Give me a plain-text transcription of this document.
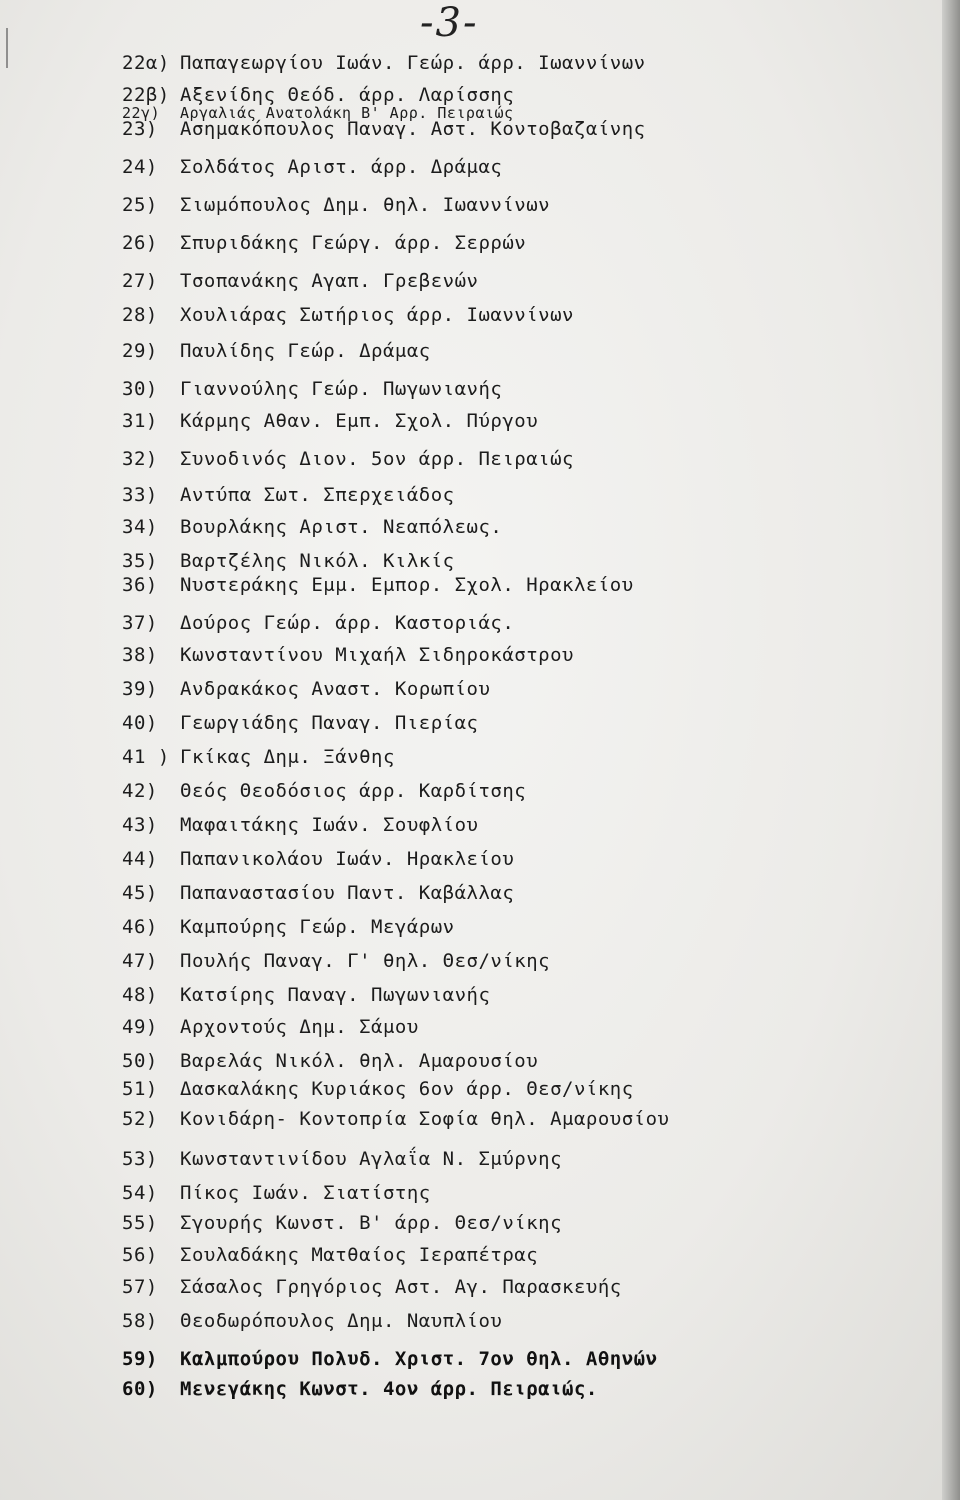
-3-
22α) Παπαγεωργίου Ιωάν. Γεώρ. άρρ. Ιωαννίνων
22β) Αξενίδης Θεόδ. άρρ. Λαρίσσης
22γ) Αργαλιάς Ανατολάκη Β' Αρρ. Πειραιώς
23) Ασημακόπουλος Παναγ. Αστ. Κοντοβαζαίνης
24) Σολδάτος Αριστ. άρρ. Δράμας
25) Σιωμόπουλος Δημ. θηλ. Ιωαννίνων
26) Σπυριδάκης Γεώργ. άρρ. Σερρών
27) Τσοπανάκης Αγαπ. Γρεβενών
28) Χουλιάρας Σωτήριος άρρ. Ιωαννίνων
29) Παυλίδης Γεώρ. Δράμας
30) Γιαννούλης Γεώρ. Πωγωνιανής
31) Κάρμης Αθαν. Εμπ. Σχολ. Πύργου
32) Συνοδινός Διον. 5ον άρρ. Πειραιώς
33) Αντύπα Σωτ. Σπερχειάδος
34) Βουρλάκης Αριστ. Νεαπόλεως.
35) Βαρτζέλης Νικόλ. Κιλκίς
36) Νυστεράκης Εμμ. Εμπορ. Σχολ. Ηρακλείου
37) Δούρος Γεώρ. άρρ. Καστοριάς.
38) Κωνσταντίνου Μιχαήλ Σιδηροκάστρου
39) Ανδρακάκος Αναστ. Κορωπίου
40) Γεωργιάδης Παναγ. Πιερίας
41 ) Γκίκας Δημ. Ξάνθης
42) Θεός Θεοδόσιος άρρ. Καρδίτσης
43) Μαφαιτάκης Ιωάν. Σουφλίου
44) Παπανικολάου Ιωάν. Ηρακλείου
45) Παπαναστασίου Παντ. Καβάλλας
46) Καμπούρης Γεώρ. Μεγάρων
47) Πουλής Παναγ. Γ' θηλ. Θεσ/νίκης
48) Κατσίρης Παναγ. Πωγωνιανής
49) Αρχοντούς Δημ. Σάμου
50) Βαρελάς Νικόλ. θηλ. Αμαρουσίου
51) Δασκαλάκης Κυριάκος 6ον άρρ. Θεσ/νίκης
52) Κονιδάρη- Κοντοπρία Σοφία θηλ. Αμαρουσίου
53) Κωνσταντινίδου Αγλαΐα Ν. Σμύρνης
54) Πίκος Ιωάν. Σιατίστης
55) Σγουρής Κωνστ. Β' άρρ. Θεσ/νίκης
56) Σουλαδάκης Ματθαίος Ιεραπέτρας
57) Σάσαλος Γρηγόριος Αστ. Αγ. Παρασκευής
58) Θεοδωρόπουλος Δημ. Ναυπλίου
59) Καλμπούρου Πολυδ. Χριστ. 7ον θηλ. Αθηνών
60) Μενεγάκης Κωνστ. 4ον άρρ. Πειραιώς.
